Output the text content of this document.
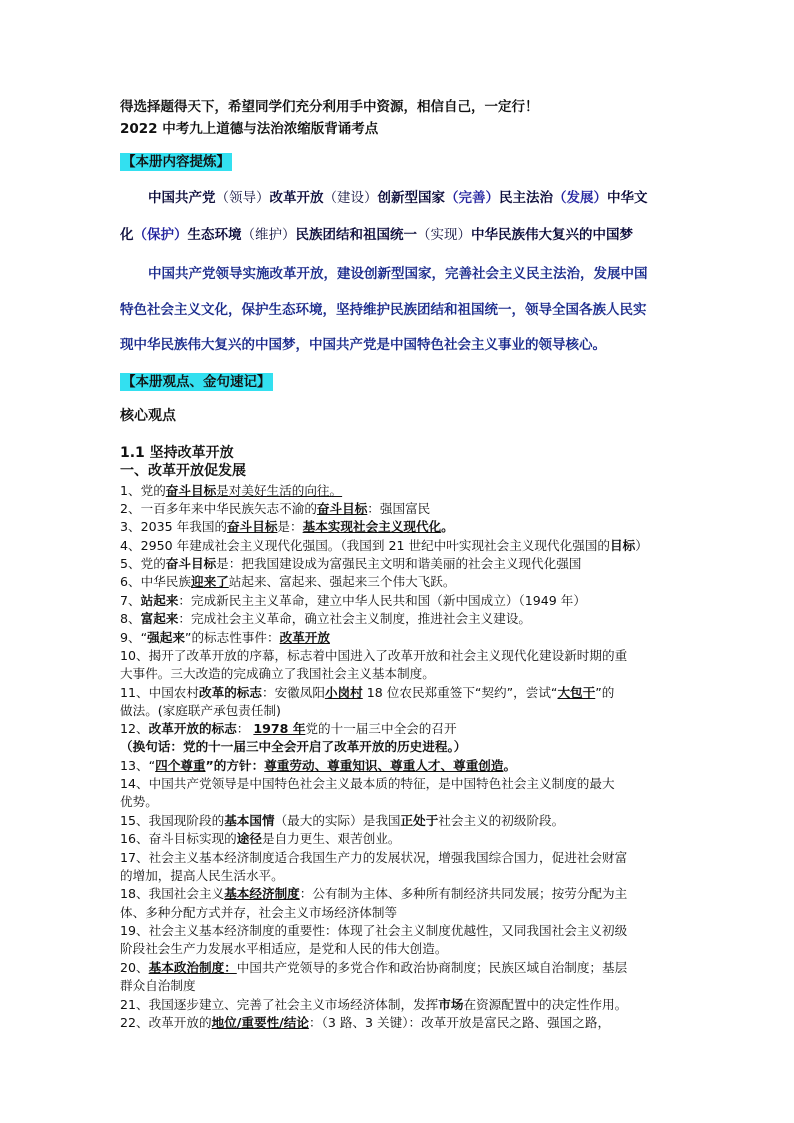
得选择题得天下，希望同学们充分利用手中资源，相信自己，一定行！
2022 中考九上道德与法治浓缩版背诵考点
【本册内容提炼】
中国共产党（领导）改革开放（建设）创新型国家（完善）民主法治（发展）中华文
化（保护）生态环境（维护）民族团结和祖国统一（实现）中华民族伟大复兴的中国梦
中国共产党领导实施改革开放，建设创新型国家，完善社会主义民主法治，发展中国
特色社会主义文化，保护生态环境，坚持维护民族团结和祖国统一，领导全国各族人民实
现中华民族伟大复兴的中国梦，中国共产党是中国特色社会主义事业的领导核心。
【本册观点、金句速记】
核心观点
1.1 坚持改革开放
一、改革开放促发展
1、党的奋斗目标是对美好生活的向往。
2、一百多年来中华民族矢志不渝的奋斗目标：强国富民
3、2035 年我国的奋斗目标是：基本实现社会主义现代化。
4、2950 年建成社会主义现代化强国。（我国到 21 世纪中叶实现社会主义现代化强国的目标）
5、党的奋斗目标是：把我国建设成为富强民主文明和谐美丽的社会主义现代化强国
6、中华民族迎来了站起来、富起来、强起来三个伟大飞跃。
7、站起来：完成新民主主义革命，建立中华人民共和国（新中国成立）（1949 年）
8、富起来：完成社会主义革命，确立社会主义制度，推进社会主义建设。
9、“强起来”的标志性事件：改革开放
10、揭开了改革开放的序幕，标志着中国进入了改革开放和社会主义现代化建设新时期的重
大事件。三大改造的完成确立了我国社会主义基本制度。
11、中国农村改革的标志：安徽凤阳小岗村 18 位农民郑重签下“契约”，尝试“大包干”的
做法。(家庭联产承包责任制)
12、改革开放的标志： 1978 年党的十一届三中全会的召开
（换句话：党的十一届三中全会开启了改革开放的历史进程。）
13、“四个尊重”的方针：尊重劳动、尊重知识、尊重人才、尊重创造。
14、中国共产党领导是中国特色社会主义最本质的特征，是中国特色社会主义制度的最大
优势。
15、我国现阶段的基本国情（最大的实际）是我国正处于社会主义的初级阶段。
16、奋斗目标实现的途径是自力更生、艰苦创业。
17、社会主义基本经济制度适合我国生产力的发展状况，增强我国综合国力，促进社会财富
的增加，提高人民生活水平。
18、我国社会主义基本经济制度：公有制为主体、多种所有制经济共同发展；按劳分配为主
体、多种分配方式并存，社会主义市场经济体制等
19、社会主义基本经济制度的重要性：体现了社会主义制度优越性，又同我国社会主义初级
阶段社会生产力发展水平相适应，是党和人民的伟大创造。
20、基本政治制度：中国共产党领导的多党合作和政治协商制度；民族区域自治制度；基层
群众自治制度
21、我国逐步建立、完善了社会主义市场经济体制，发挥市场在资源配置中的决定性作用。
22、改革开放的地位/重要性/结论：（3 路、3 关键）：改革开放是富民之路、强国之路，
